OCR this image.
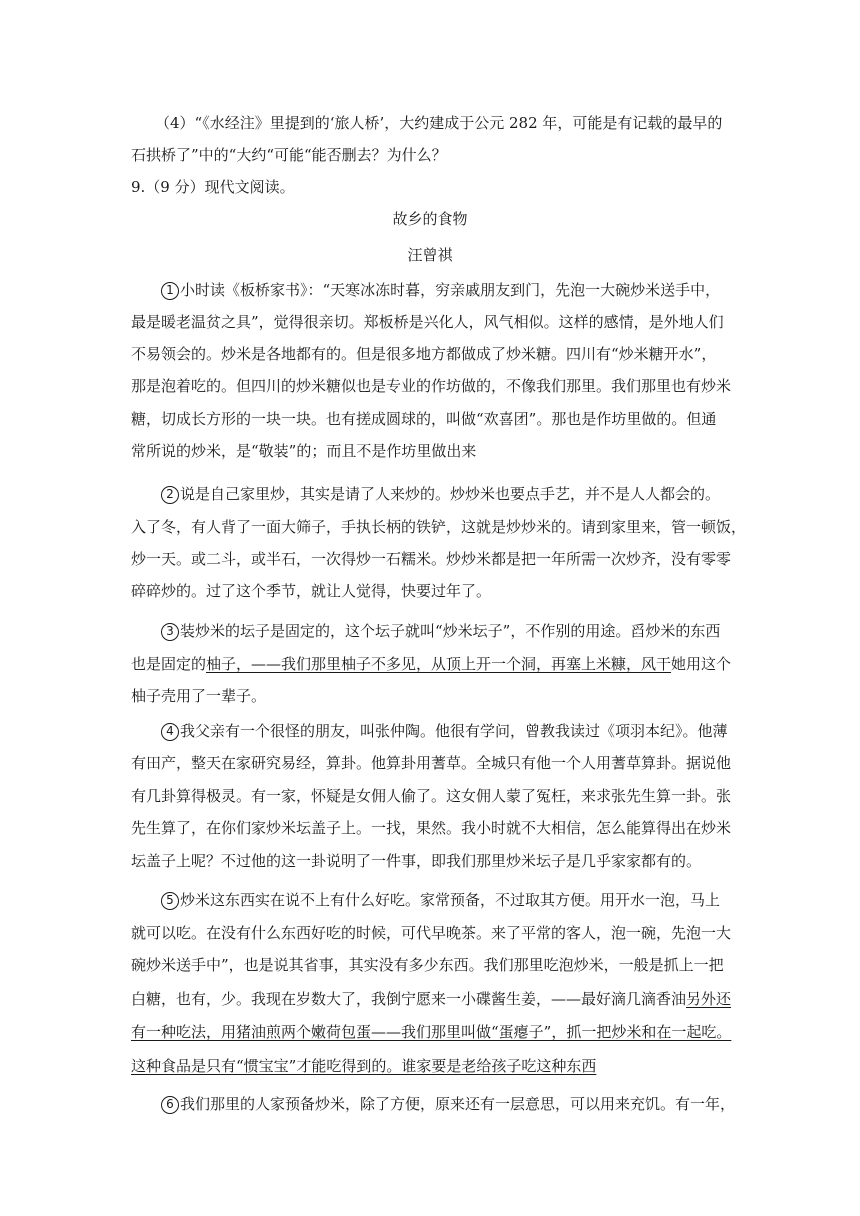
（4）“《水经注》里提到的‘旅人桥’，大约建成于公元 282 年，可能是有记载的最早的
石拱桥了”中的“大约“可能“能否删去？为什么？
9.（9 分）现代文阅读。
故乡的食物
汪曾祺
1 小时读《板桥家书》：“天寒冰冻时暮，穷亲戚朋友到门，先泡一大碗炒米送手中，
最是暖老温贫之具”，觉得很亲切。郑板桥是兴化人，风气相似。这样的感情，是外地人们
不易领会的。炒米是各地都有的。但是很多地方都做成了炒米糖。四川有“炒米糖开水”，
那是泡着吃的。但四川的炒米糖似也是专业的作坊做的，不像我们那里。我们那里也有炒米
糖，切成长方形的一块一块。也有搓成圆球的，叫做“欢喜团”。那也是作坊里做的。但通
常所说的炒米，是“敬装”的；而且不是作坊里做出来
2 说是自己家里炒，其实是请了人来炒的。炒炒米也要点手艺，并不是人人都会的。
入了冬，有人背了一面大筛子，手执长柄的铁铲，这就是炒炒米的。请到家里来，管一顿饭，
炒一天。或二斗，或半石，一次得炒一石糯米。炒炒米都是把一年所需一次炒齐，没有零零
碎碎炒的。过了这个季节，就让人觉得，快要过年了。
3 装炒米的坛子是固定的，这个坛子就叫“炒米坛子”，不作别的用途。舀炒米的东西
也是固定的柚子，——我们那里柚子不多见，从顶上开一个洞，再塞上米糠，风干她用这个
柚子壳用了一辈子。
4 我父亲有一个很怪的朋友，叫张仲陶。他很有学问，曾教我读过《项羽本纪》。他薄
有田产，整天在家研究易经，算卦。他算卦用蓍草。全城只有他一个人用蓍草算卦。据说他
有几卦算得极灵。有一家，怀疑是女佣人偷了。这女佣人蒙了冤枉，来求张先生算一卦。张
先生算了，在你们家炒米坛盖子上。一找，果然。我小时就不大相信，怎么能算得出在炒米
坛盖子上呢？不过他的这一卦说明了一件事，即我们那里炒米坛子是几乎家家都有的。
5 炒米这东西实在说不上有什么好吃。家常预备，不过取其方便。用开水一泡，马上
就可以吃。在没有什么东西好吃的时候，可代早晚茶。来了平常的客人，泡一碗，先泡一大
碗炒米送手中”，也是说其省事，其实没有多少东西。我们那里吃泡炒米，一般是抓上一把
白糖，也有，少。我现在岁数大了，我倒宁愿来一小碟酱生姜，——最好滴几滴香油另外还
有一种吃法，用猪油煎两个嫩荷包蛋——我们那里叫做“蛋瘪子”，抓一把炒米和在一起吃。
这种食品是只有“惯宝宝”才能吃得到的。谁家要是老给孩子吃这种东西
6 我们那里的人家预备炒米，除了方便，原来还有一层意思，可以用来充饥。有一年，
